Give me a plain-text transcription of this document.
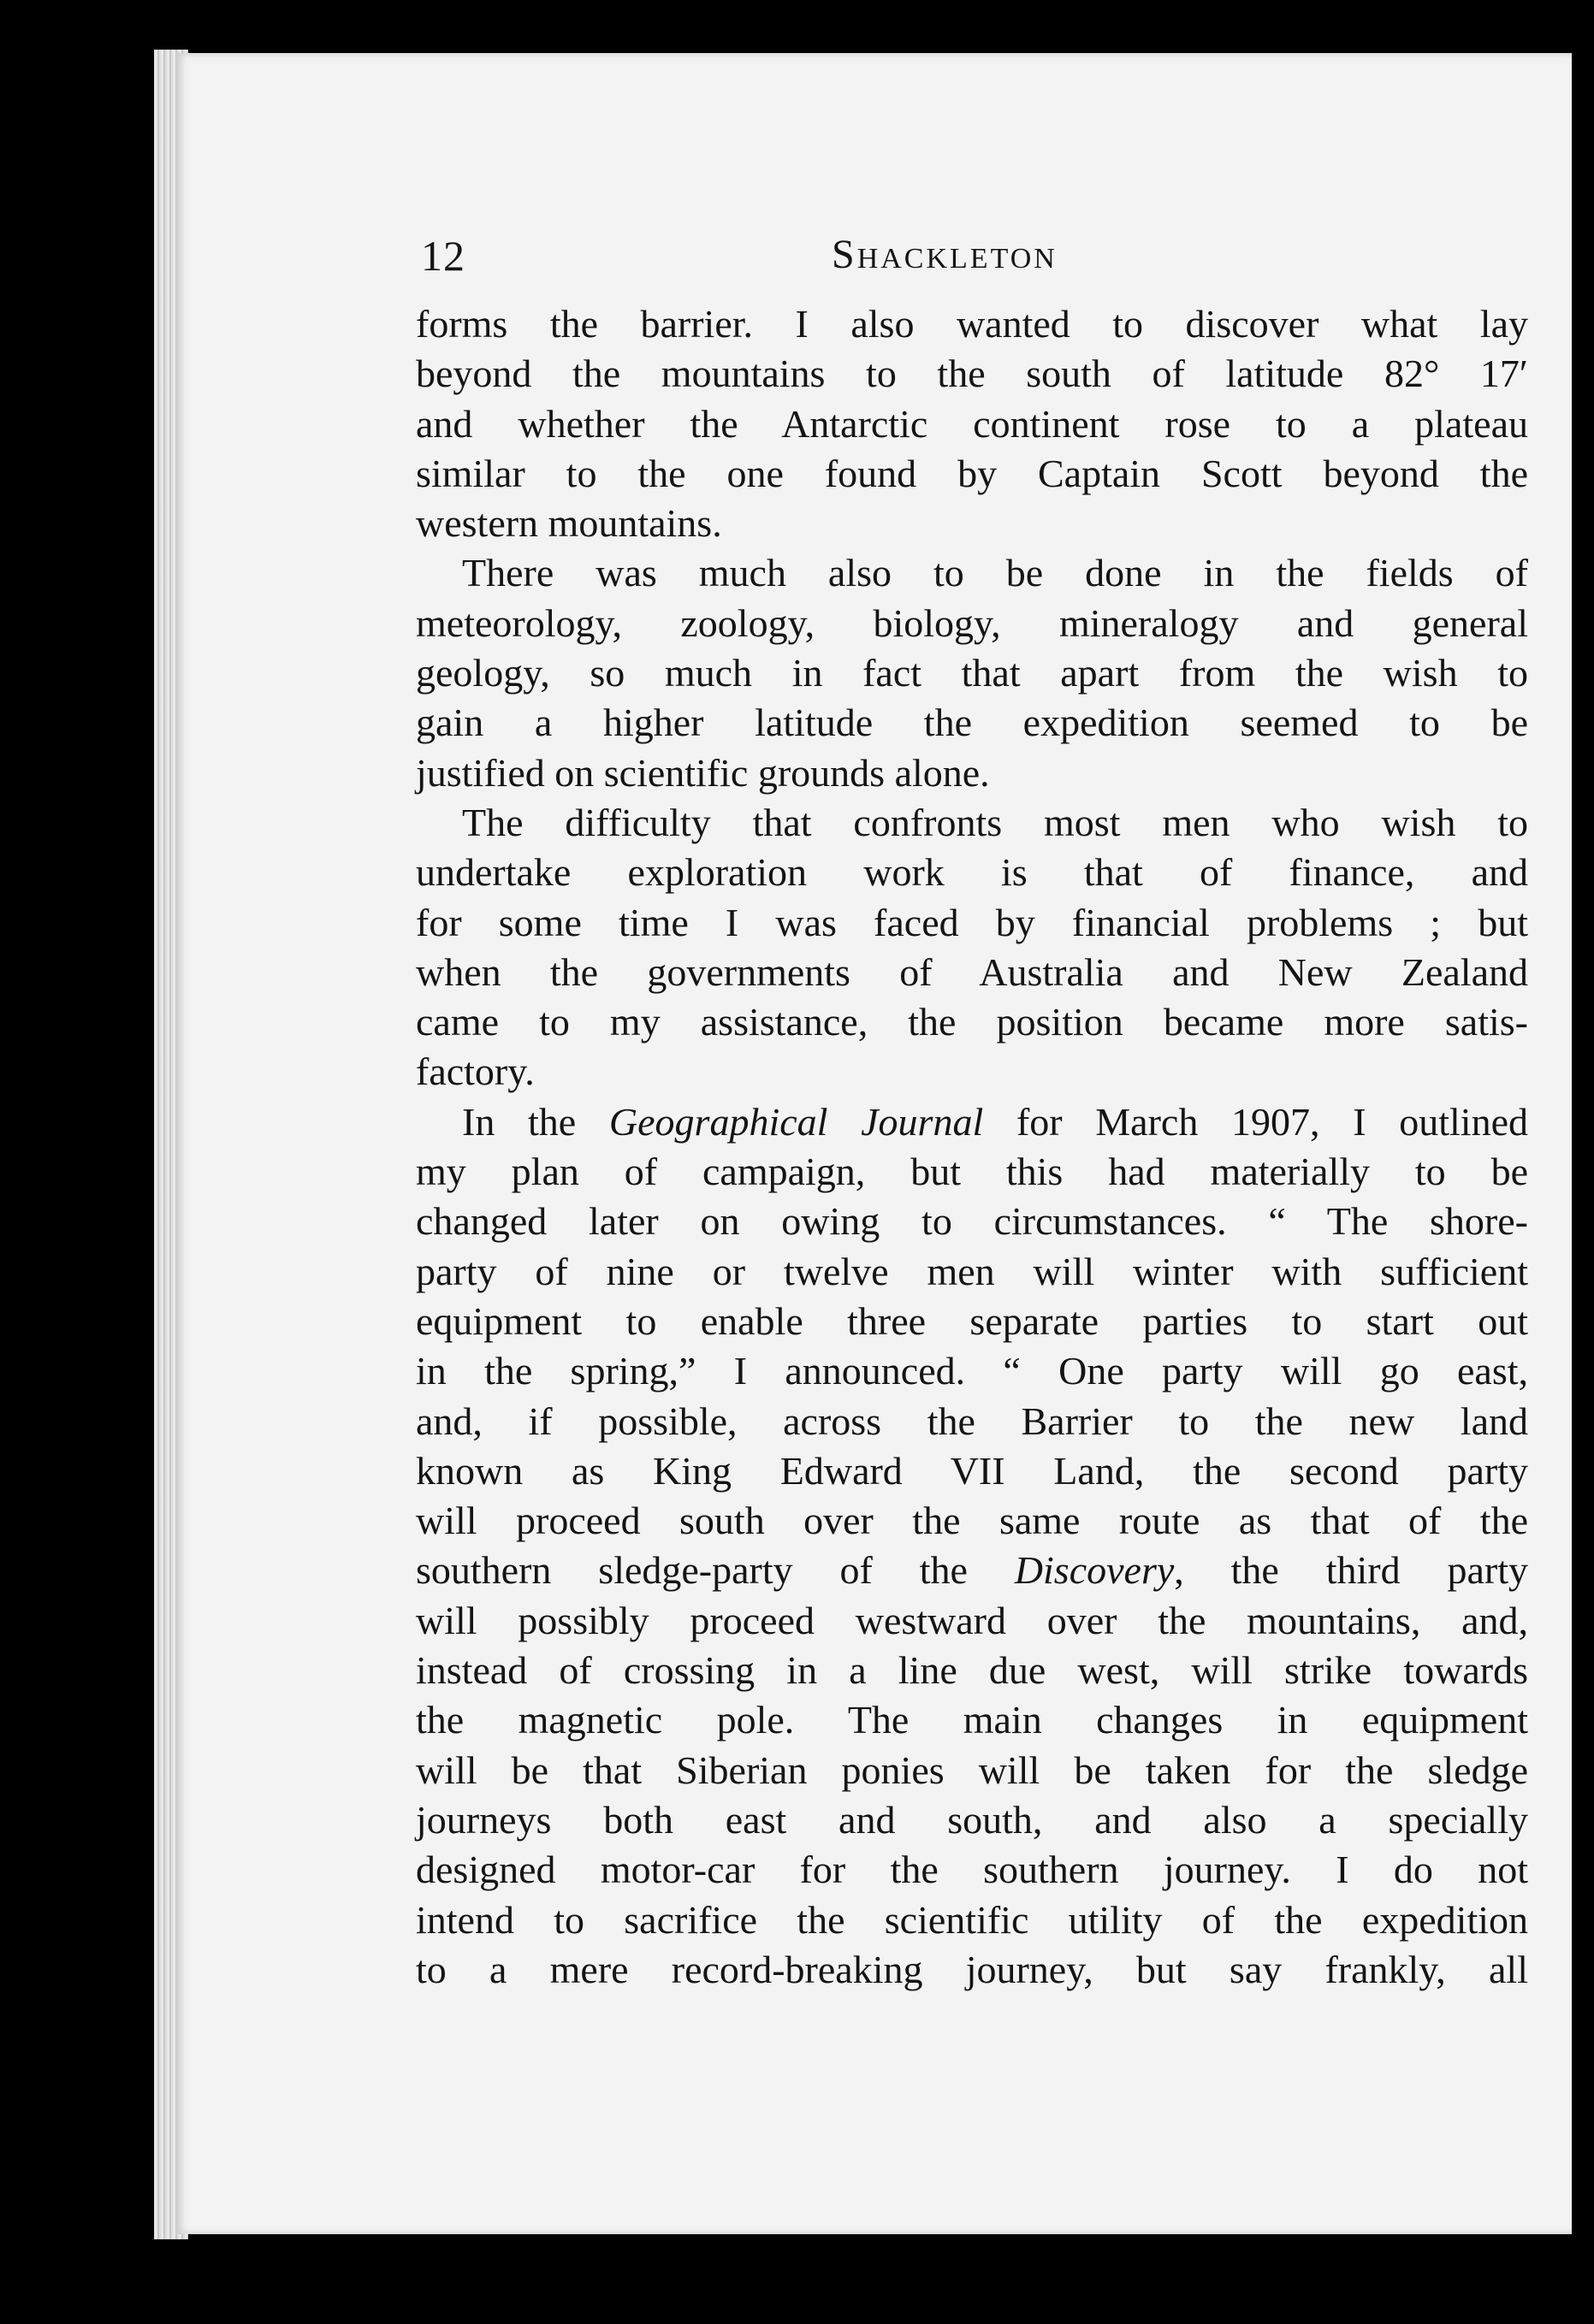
12	Shackleton
forms the barrier. I also wanted to discover what lay
beyond the mountains to the south of latitude 82° 17′
and whether the Antarctic continent rose to a plateau
similar to the one found by Captain Scott beyond the
western mountains.
There was much also to be done in the fields of
meteorology, zoology, biology, mineralogy and general
geology, so much in fact that apart from the wish to
gain a higher latitude the expedition seemed to be
justified on scientific grounds alone.
The difficulty that confronts most men who wish to
undertake exploration work is that of finance, and
for some time I was faced by financial problems ; but
when the governments of Australia and New Zealand
came to my assistance, the position became more satis-
factory.
In the Geographical Journal for March 1907, I outlined
my plan of campaign, but this had materially to be
changed later on owing to circumstances. “ The shore-
party of nine or twelve men will winter with sufficient
equipment to enable three separate parties to start out
in the spring,” I announced. “ One party will go east,
and, if possible, across the Barrier to the new land
known as King Edward VII Land, the second party
will proceed south over the same route as that of the
southern sledge-party of the Discovery, the third party
will possibly proceed westward over the mountains, and,
instead of crossing in a line due west, will strike towards
the magnetic pole. The main changes in equipment
will be that Siberian ponies will be taken for the sledge
journeys both east and south, and also a specially
designed motor-car for the southern journey. I do not
intend to sacrifice the scientific utility of the expedition
to a mere record-breaking journey, but say frankly, all
